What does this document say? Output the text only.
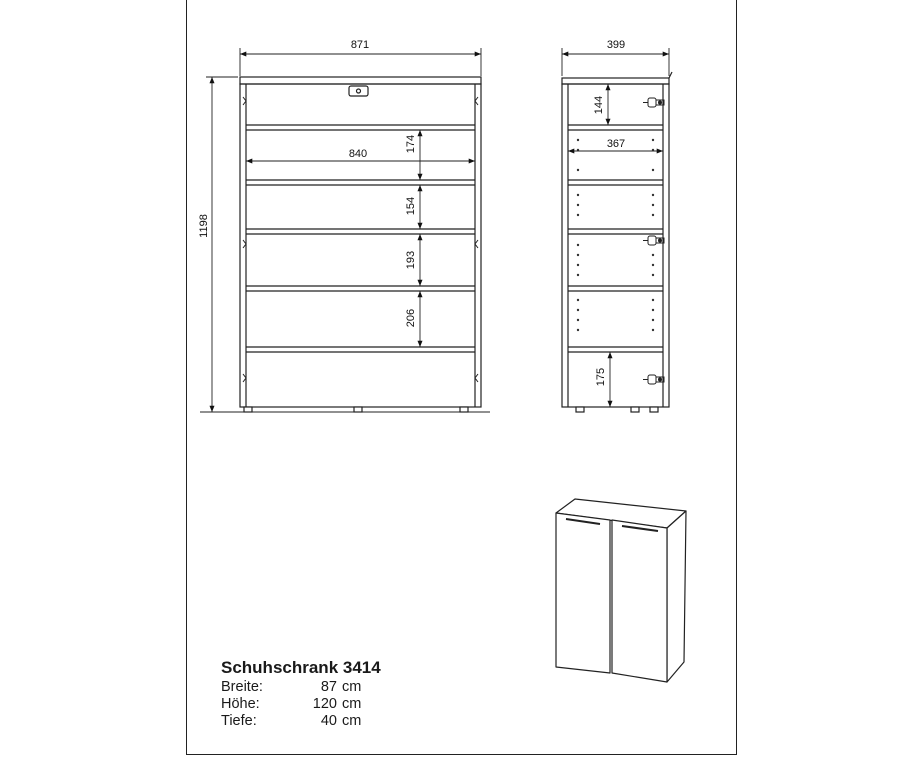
871
840
1198
174
154
193
206
399
367
144
175
Schuhschrank 3414
Breite:	87 cm
Höhe:	120 cm
Tiefe:	40 cm
